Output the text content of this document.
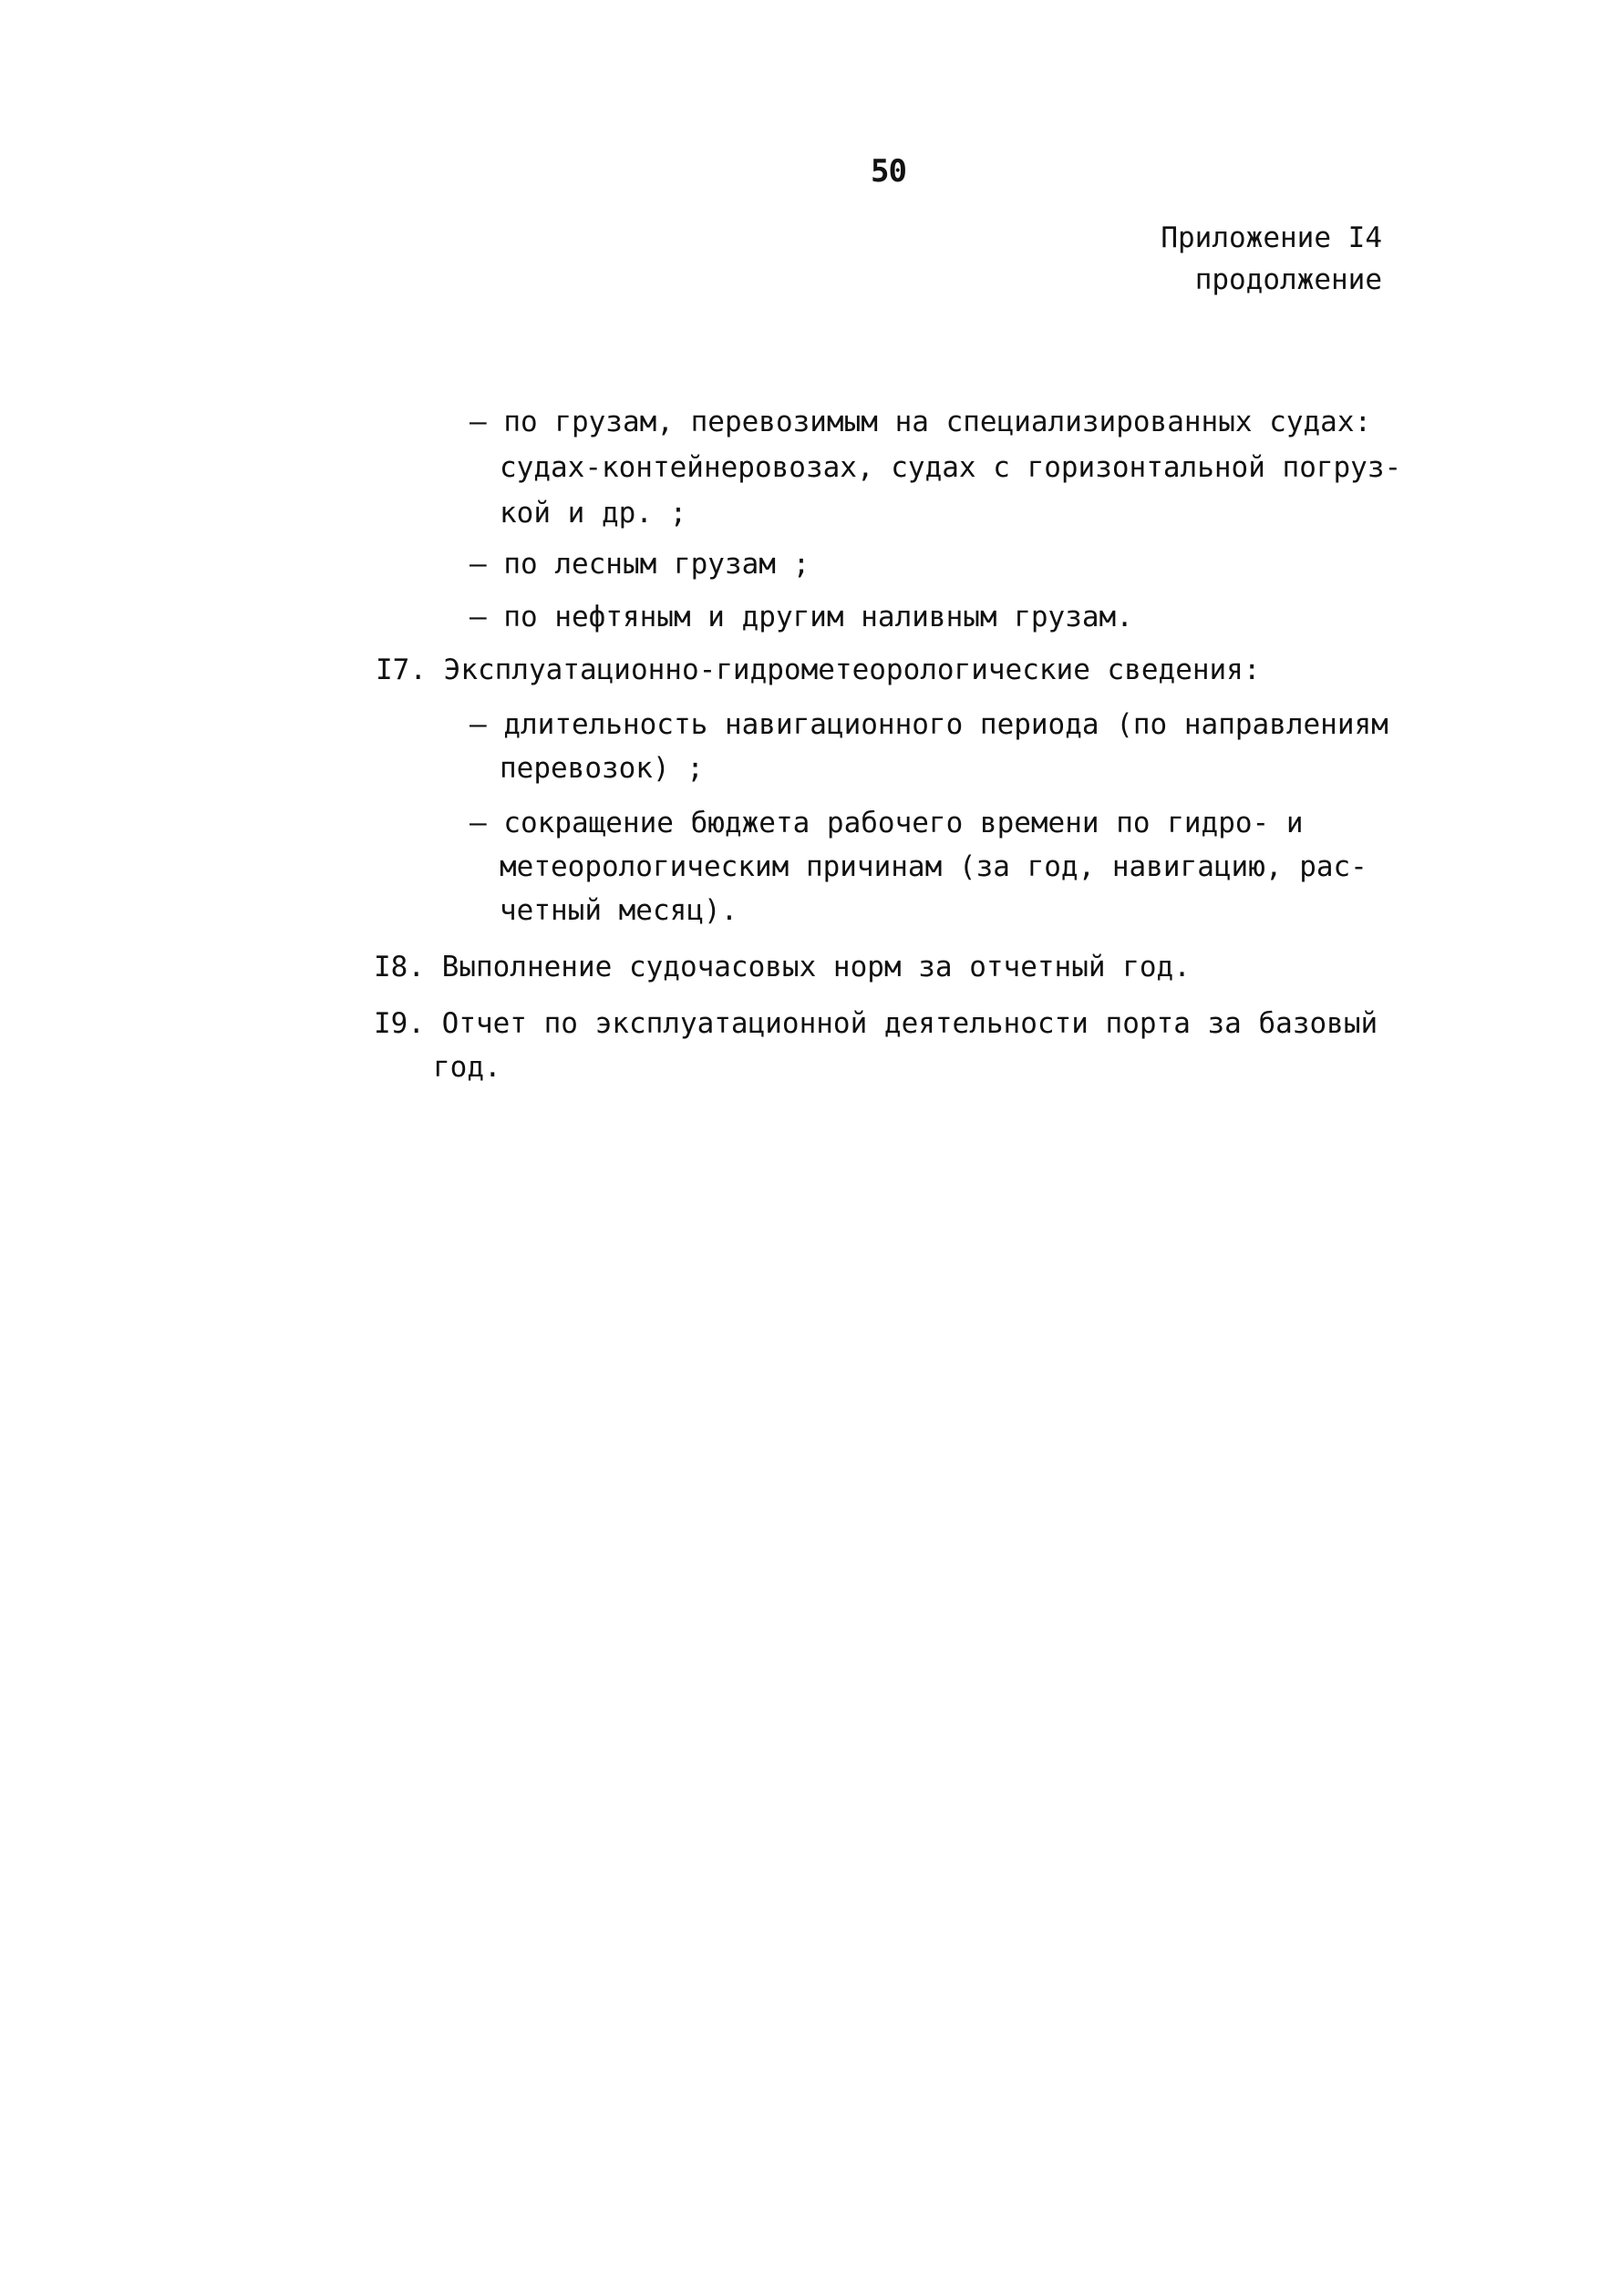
50
Приложение I4
продолжение
– по грузам, перевозимым на специализированных судах:
судах-контейнеровозах, судах с горизонтальной погруз-
кой и др. ;
– по лесным грузам ;
– по нефтяным и другим наливным грузам.
I7. Эксплуатационно-гидрометеорологические сведения:
– длительность навигационного периода (по направлениям
перевозок) ;
– сокращение бюджета рабочего времени по гидро- и
метеорологическим причинам (за год, навигацию, рас-
четный месяц).
I8. Выполнение судочасовых норм за отчетный год.
I9. Отчет по эксплуатационной деятельности порта за базовый
год.
